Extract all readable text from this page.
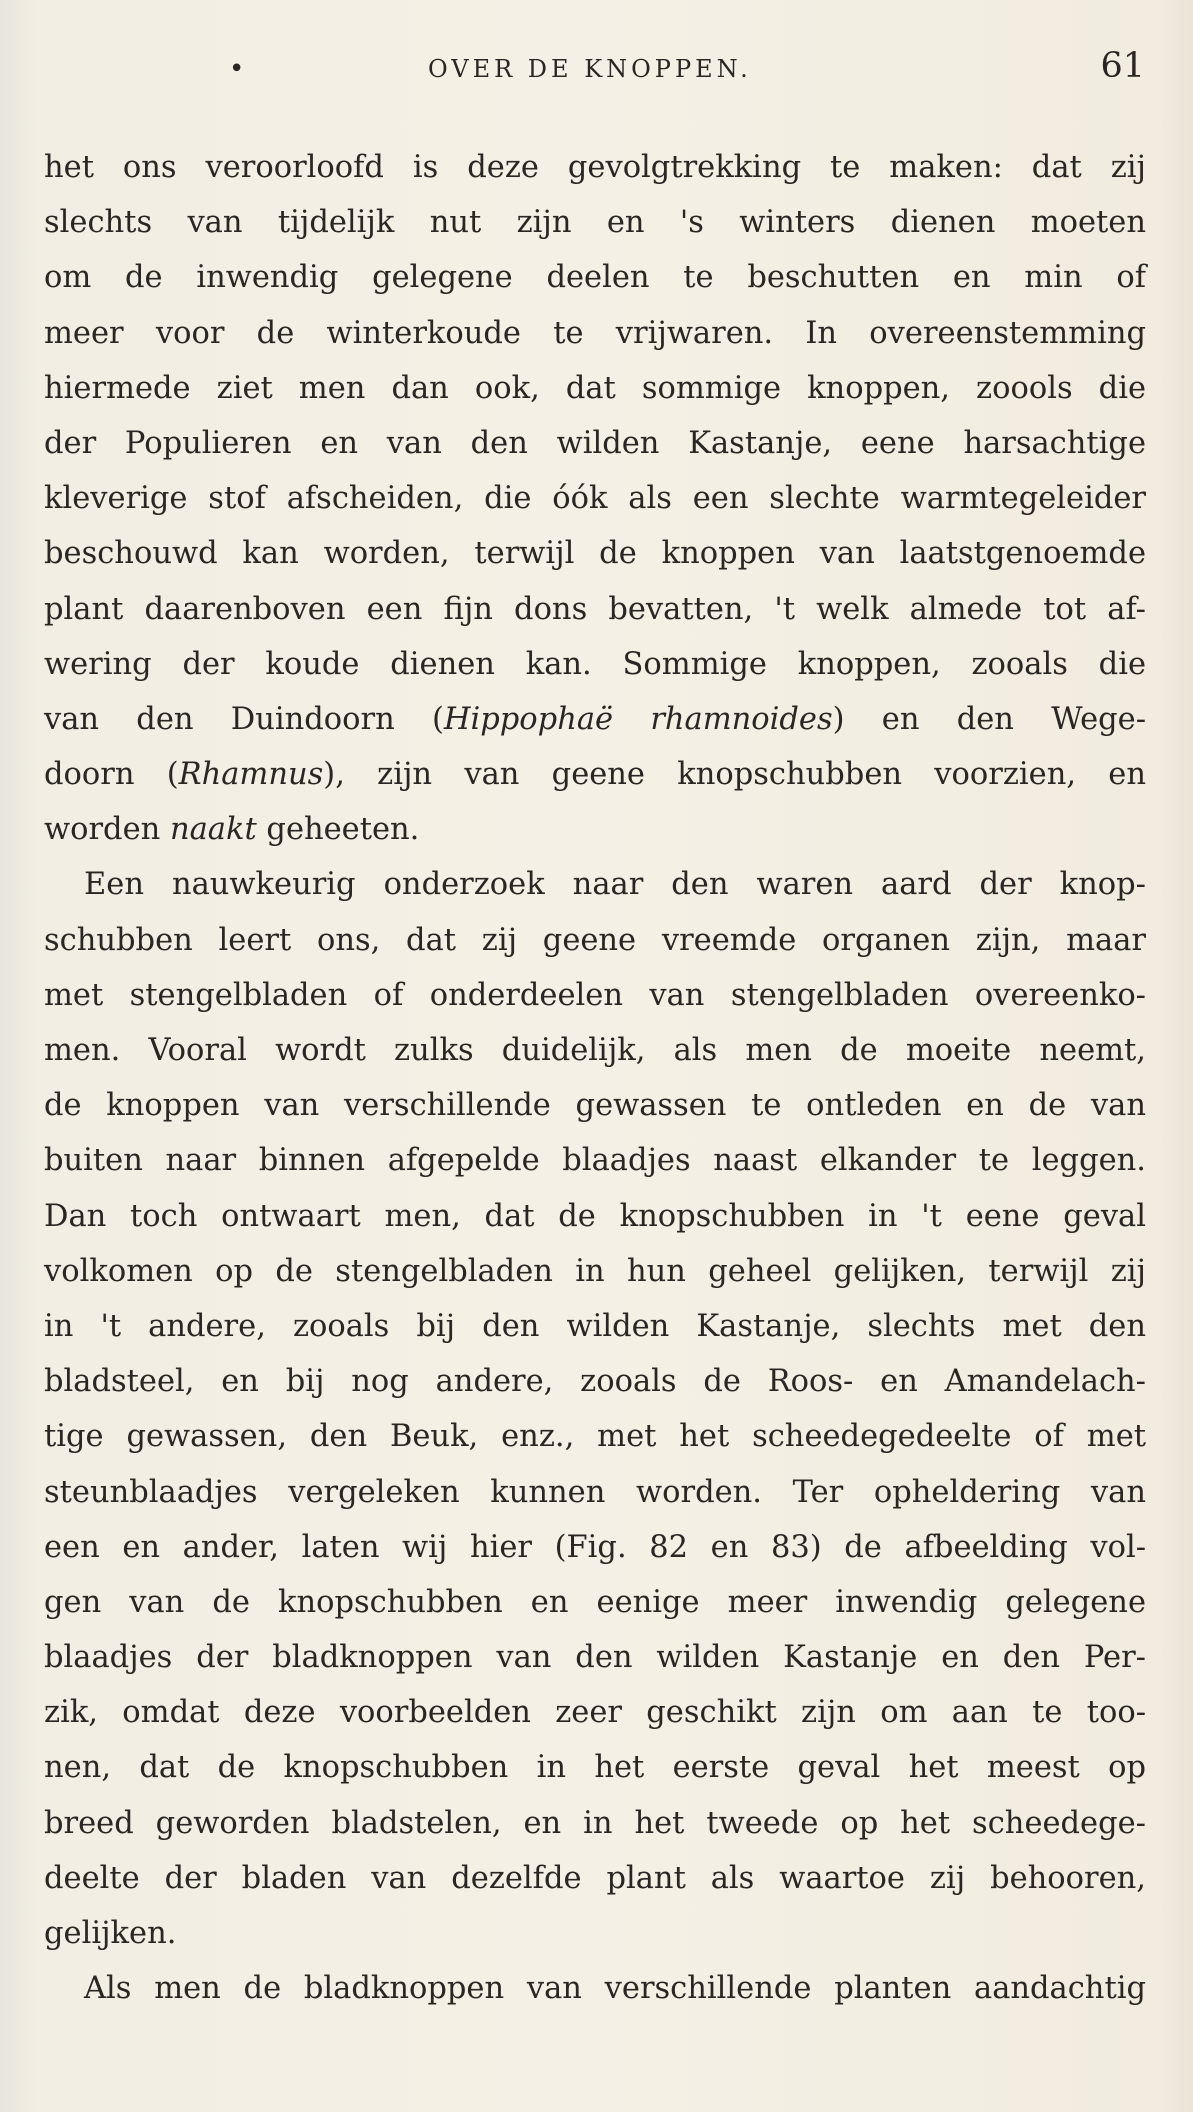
•	OVER DE KNOPPEN.	61
het ons veroorloofd is deze gevolgtrekking te maken: dat zij
slechts van tijdelijk nut zijn en 's winters dienen moeten
om de inwendig gelegene deelen te beschutten en min of
meer voor de winterkoude te vrijwaren. In overeenstemming
hiermede ziet men dan ook, dat sommige knoppen, zoools die
der Populieren en van den wilden Kastanje, eene harsachtige
kleverige stof afscheiden, die óók als een slechte warmtegeleider
beschouwd kan worden, terwijl de knoppen van laatstgenoemde
plant daarenboven een fijn dons bevatten, 't welk almede tot af-
wering der koude dienen kan. Sommige knoppen, zooals die
van den Duindoorn (Hippophaë rhamnoides) en den Wege-
doorn (Rhamnus), zijn van geene knopschubben voorzien, en
worden naakt geheeten.
Een nauwkeurig onderzoek naar den waren aard der knop-
schubben leert ons, dat zij geene vreemde organen zijn, maar
met stengelbladen of onderdeelen van stengelbladen overeenko-
men. Vooral wordt zulks duidelijk, als men de moeite neemt,
de knoppen van verschillende gewassen te ontleden en de van
buiten naar binnen afgepelde blaadjes naast elkander te leggen.
Dan toch ontwaart men, dat de knopschubben in 't eene geval
volkomen op de stengelbladen in hun geheel gelijken, terwijl zij
in 't andere, zooals bij den wilden Kastanje, slechts met den
bladsteel, en bij nog andere, zooals de Roos- en Amandelach-
tige gewassen, den Beuk, enz., met het scheedegedeelte of met
steunblaadjes vergeleken kunnen worden. Ter opheldering van
een en ander, laten wij hier (Fig. 82 en 83) de afbeelding vol-
gen van de knopschubben en eenige meer inwendig gelegene
blaadjes der bladknoppen van den wilden Kastanje en den Per-
zik, omdat deze voorbeelden zeer geschikt zijn om aan te too-
nen, dat de knopschubben in het eerste geval het meest op
breed geworden bladstelen, en in het tweede op het scheedege-
deelte der bladen van dezelfde plant als waartoe zij behooren,
gelijken.
Als men de bladknoppen van verschillende planten aandachtig
